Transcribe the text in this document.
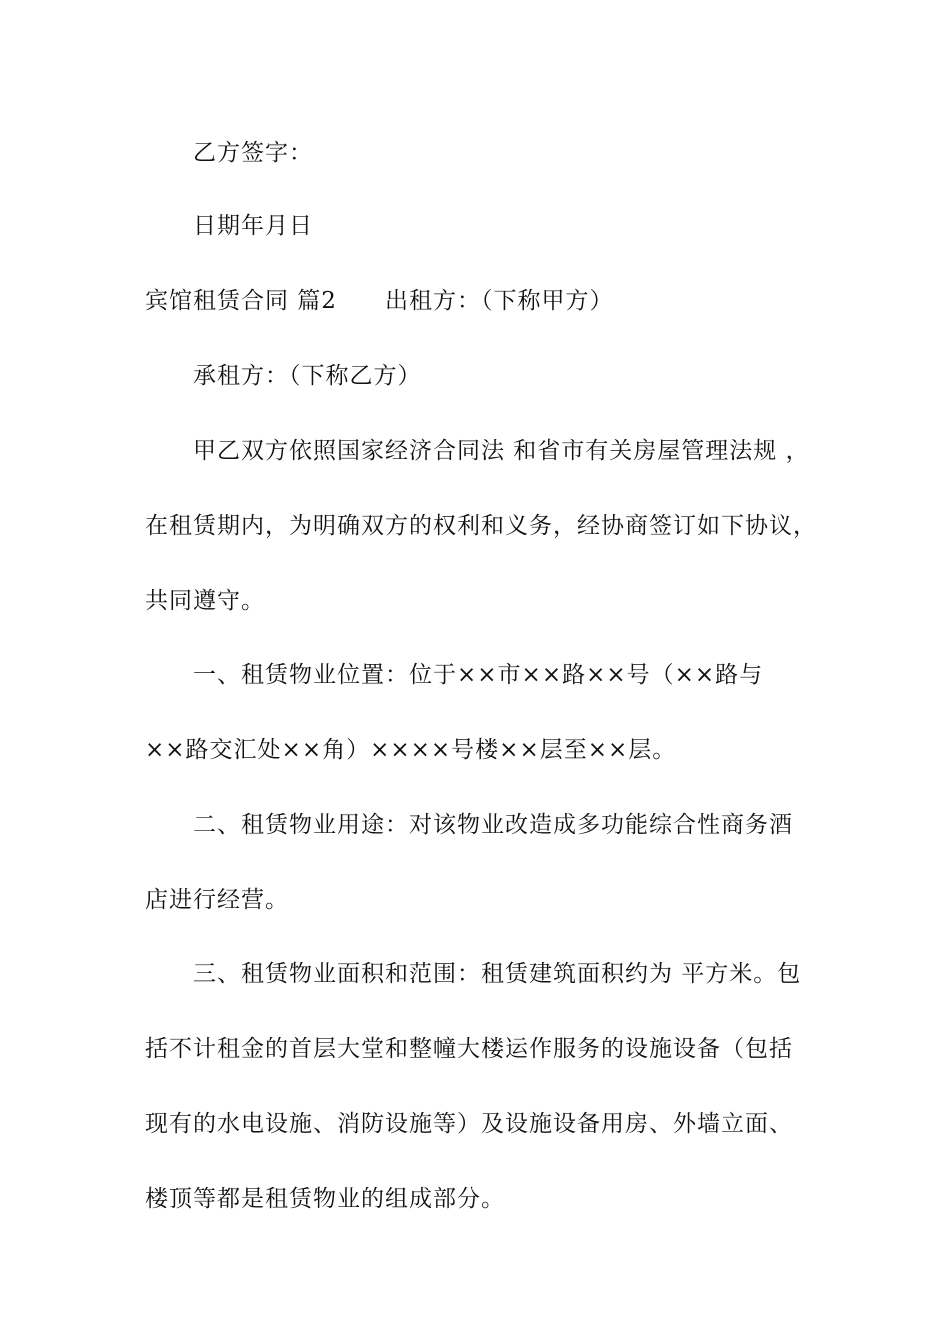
乙方签字：
日期年月日
宾馆租赁合同 篇2 出租方：（下称甲方）
承租方：（下称乙方）
甲乙双方依照国家经济合同法 和省市有关房屋管理法规 ，
在租赁期内，为明确双方的权利和义务，经协商签订如下协议，
共同遵守。
一、租赁物业位置：位于××市××路××号（××路与
××路交汇处××角）××××号楼××层至××层。
二、租赁物业用途：对该物业改造成多功能综合性商务酒
店进行经营。
三、租赁物业面积和范围：租赁建筑面积约为 平方米。包
括不计租金的首层大堂和整幢大楼运作服务的设施设备（包括
现有的水电设施、消防设施等）及设施设备用房、外墙立面、
楼顶等都是租赁物业的组成部分。
